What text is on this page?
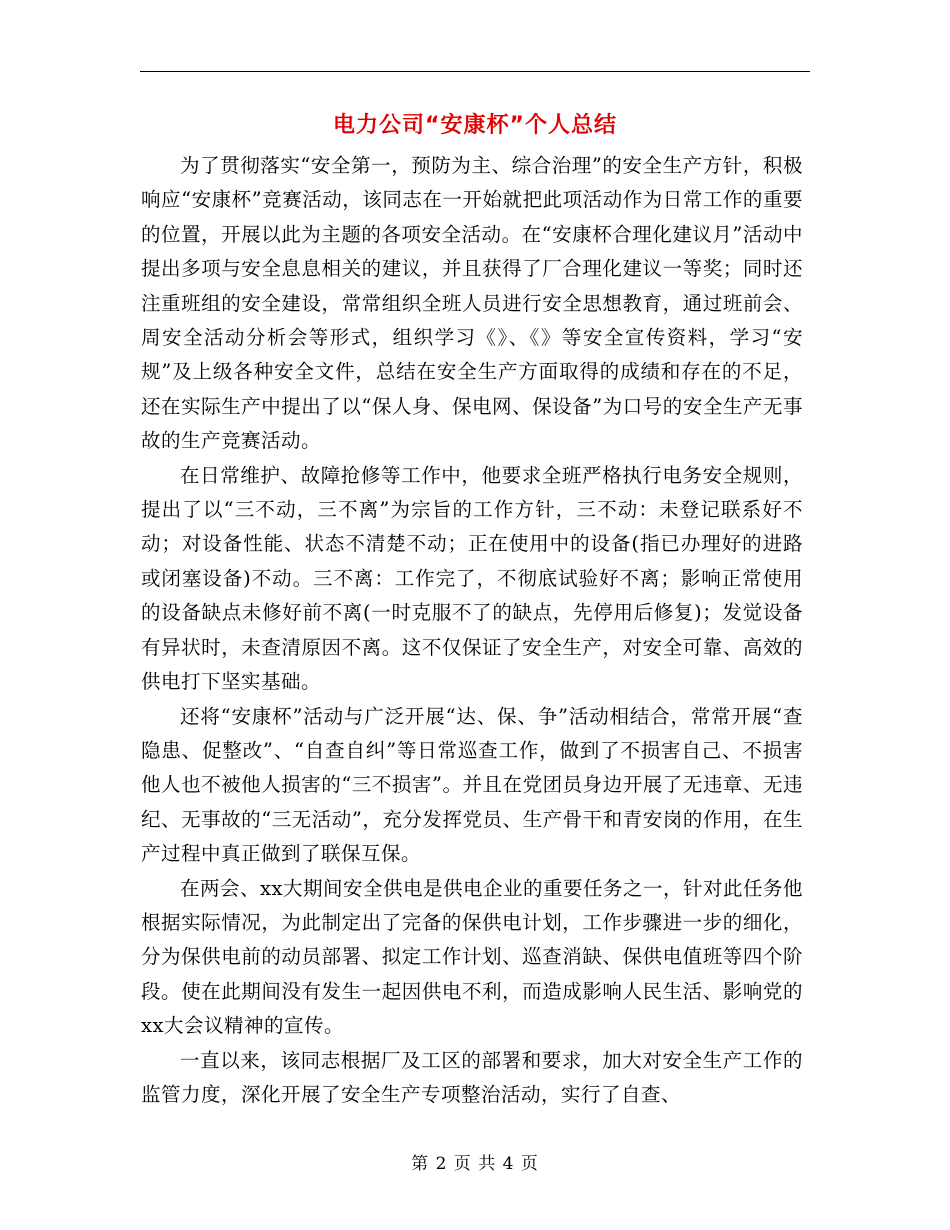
电力公司“安康杯”个人总结

为了贯彻落实“安全第一，预防为主、综合治理”的安全生产方针，积极响应“安康杯”竞赛活动，该同志在一开始就把此项活动作为日常工作的重要的位置，开展以此为主题的各项安全活动。在“安康杯合理化建议月”活动中提出多项与安全息息相关的建议，并且获得了厂合理化建议一等奖；同时还注重班组的安全建设，常常组织全班人员进行安全思想教育，通过班前会、周安全活动分析会等形式，组织学习《》、《》等安全宣传资料，学习“安规”及上级各种安全文件，总结在安全生产方面取得的成绩和存在的不足，还在实际生产中提出了以“保人身、保电网、保设备”为口号的安全生产无事故的生产竞赛活动。

在日常维护、故障抢修等工作中，他要求全班严格执行电务安全规则，提出了以“三不动，三不离”为宗旨的工作方针，三不动：未登记联系好不动；对设备性能、状态不清楚不动；正在使用中的设备(指已办理好的进路或闭塞设备)不动。三不离：工作完了，不彻底试验好不离；影响正常使用的设备缺点未修好前不离(一时克服不了的缺点，先停用后修复)；发觉设备有异状时，未查清原因不离。这不仅保证了安全生产，对安全可靠、高效的供电打下坚实基础。

还将“安康杯”活动与广泛开展“达、保、争”活动相结合，常常开展“查隐患、促整改”、“自查自纠”等日常巡查工作，做到了不损害自己、不损害他人也不被他人损害的“三不损害”。并且在党团员身边开展了无违章、无违纪、无事故的“三无活动”，充分发挥党员、生产骨干和青安岗的作用，在生产过程中真正做到了联保互保。

在两会、xx大期间安全供电是供电企业的重要任务之一，针对此任务他根据实际情况，为此制定出了完备的保供电计划，工作步骤进一步的细化，分为保供电前的动员部署、拟定工作计划、巡查消缺、保供电值班等四个阶段。使在此期间没有发生一起因供电不利，而造成影响人民生活、影响党的xx大会议精神的宣传。

一直以来，该同志根据厂及工区的部署和要求，加大对安全生产工作的监管力度，深化开展了安全生产专项整治活动，实行了自查、

第 2 页 共 4 页
